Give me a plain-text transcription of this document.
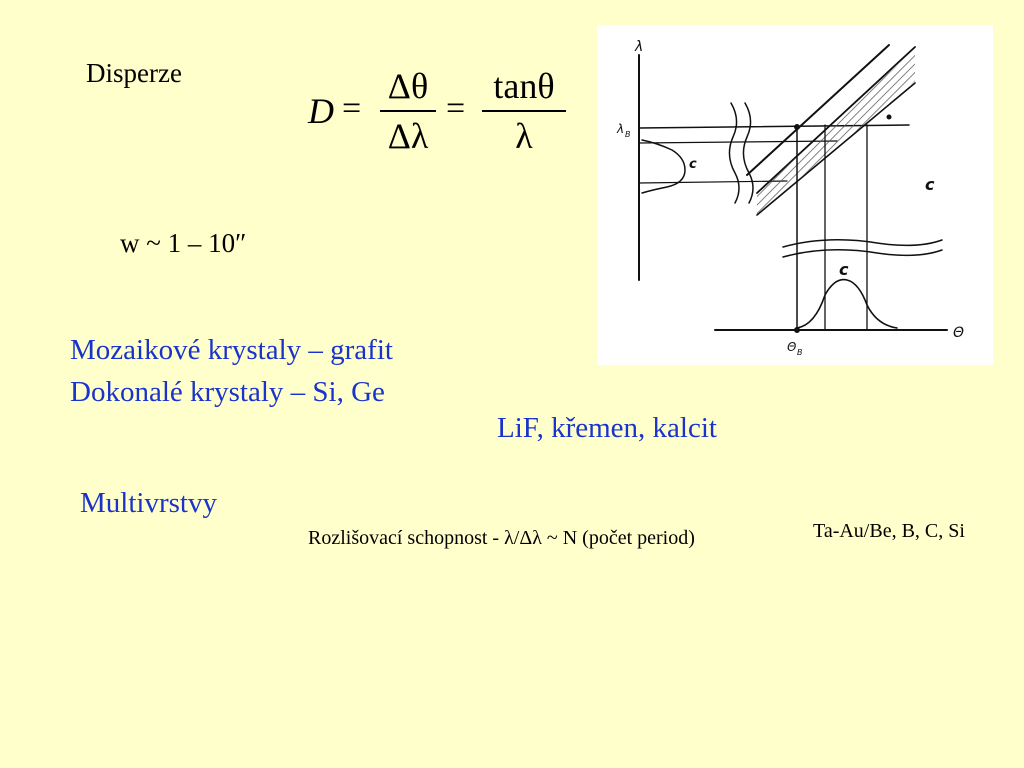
Disperze
D =
Δθ
Δλ
=
tanθ
λ
w ~ 1 – 10″
Mozaikové krystaly – grafit
Dokonalé krystaly – Si, Ge
LiF, křemen, kalcit
Multivrstvy
Rozlišovací schopnost - λ/Δλ ~ N (počet period)	Ta-Au/Be, B, C, Si
λ
Θ
λ B
Θ B
c
c
c
